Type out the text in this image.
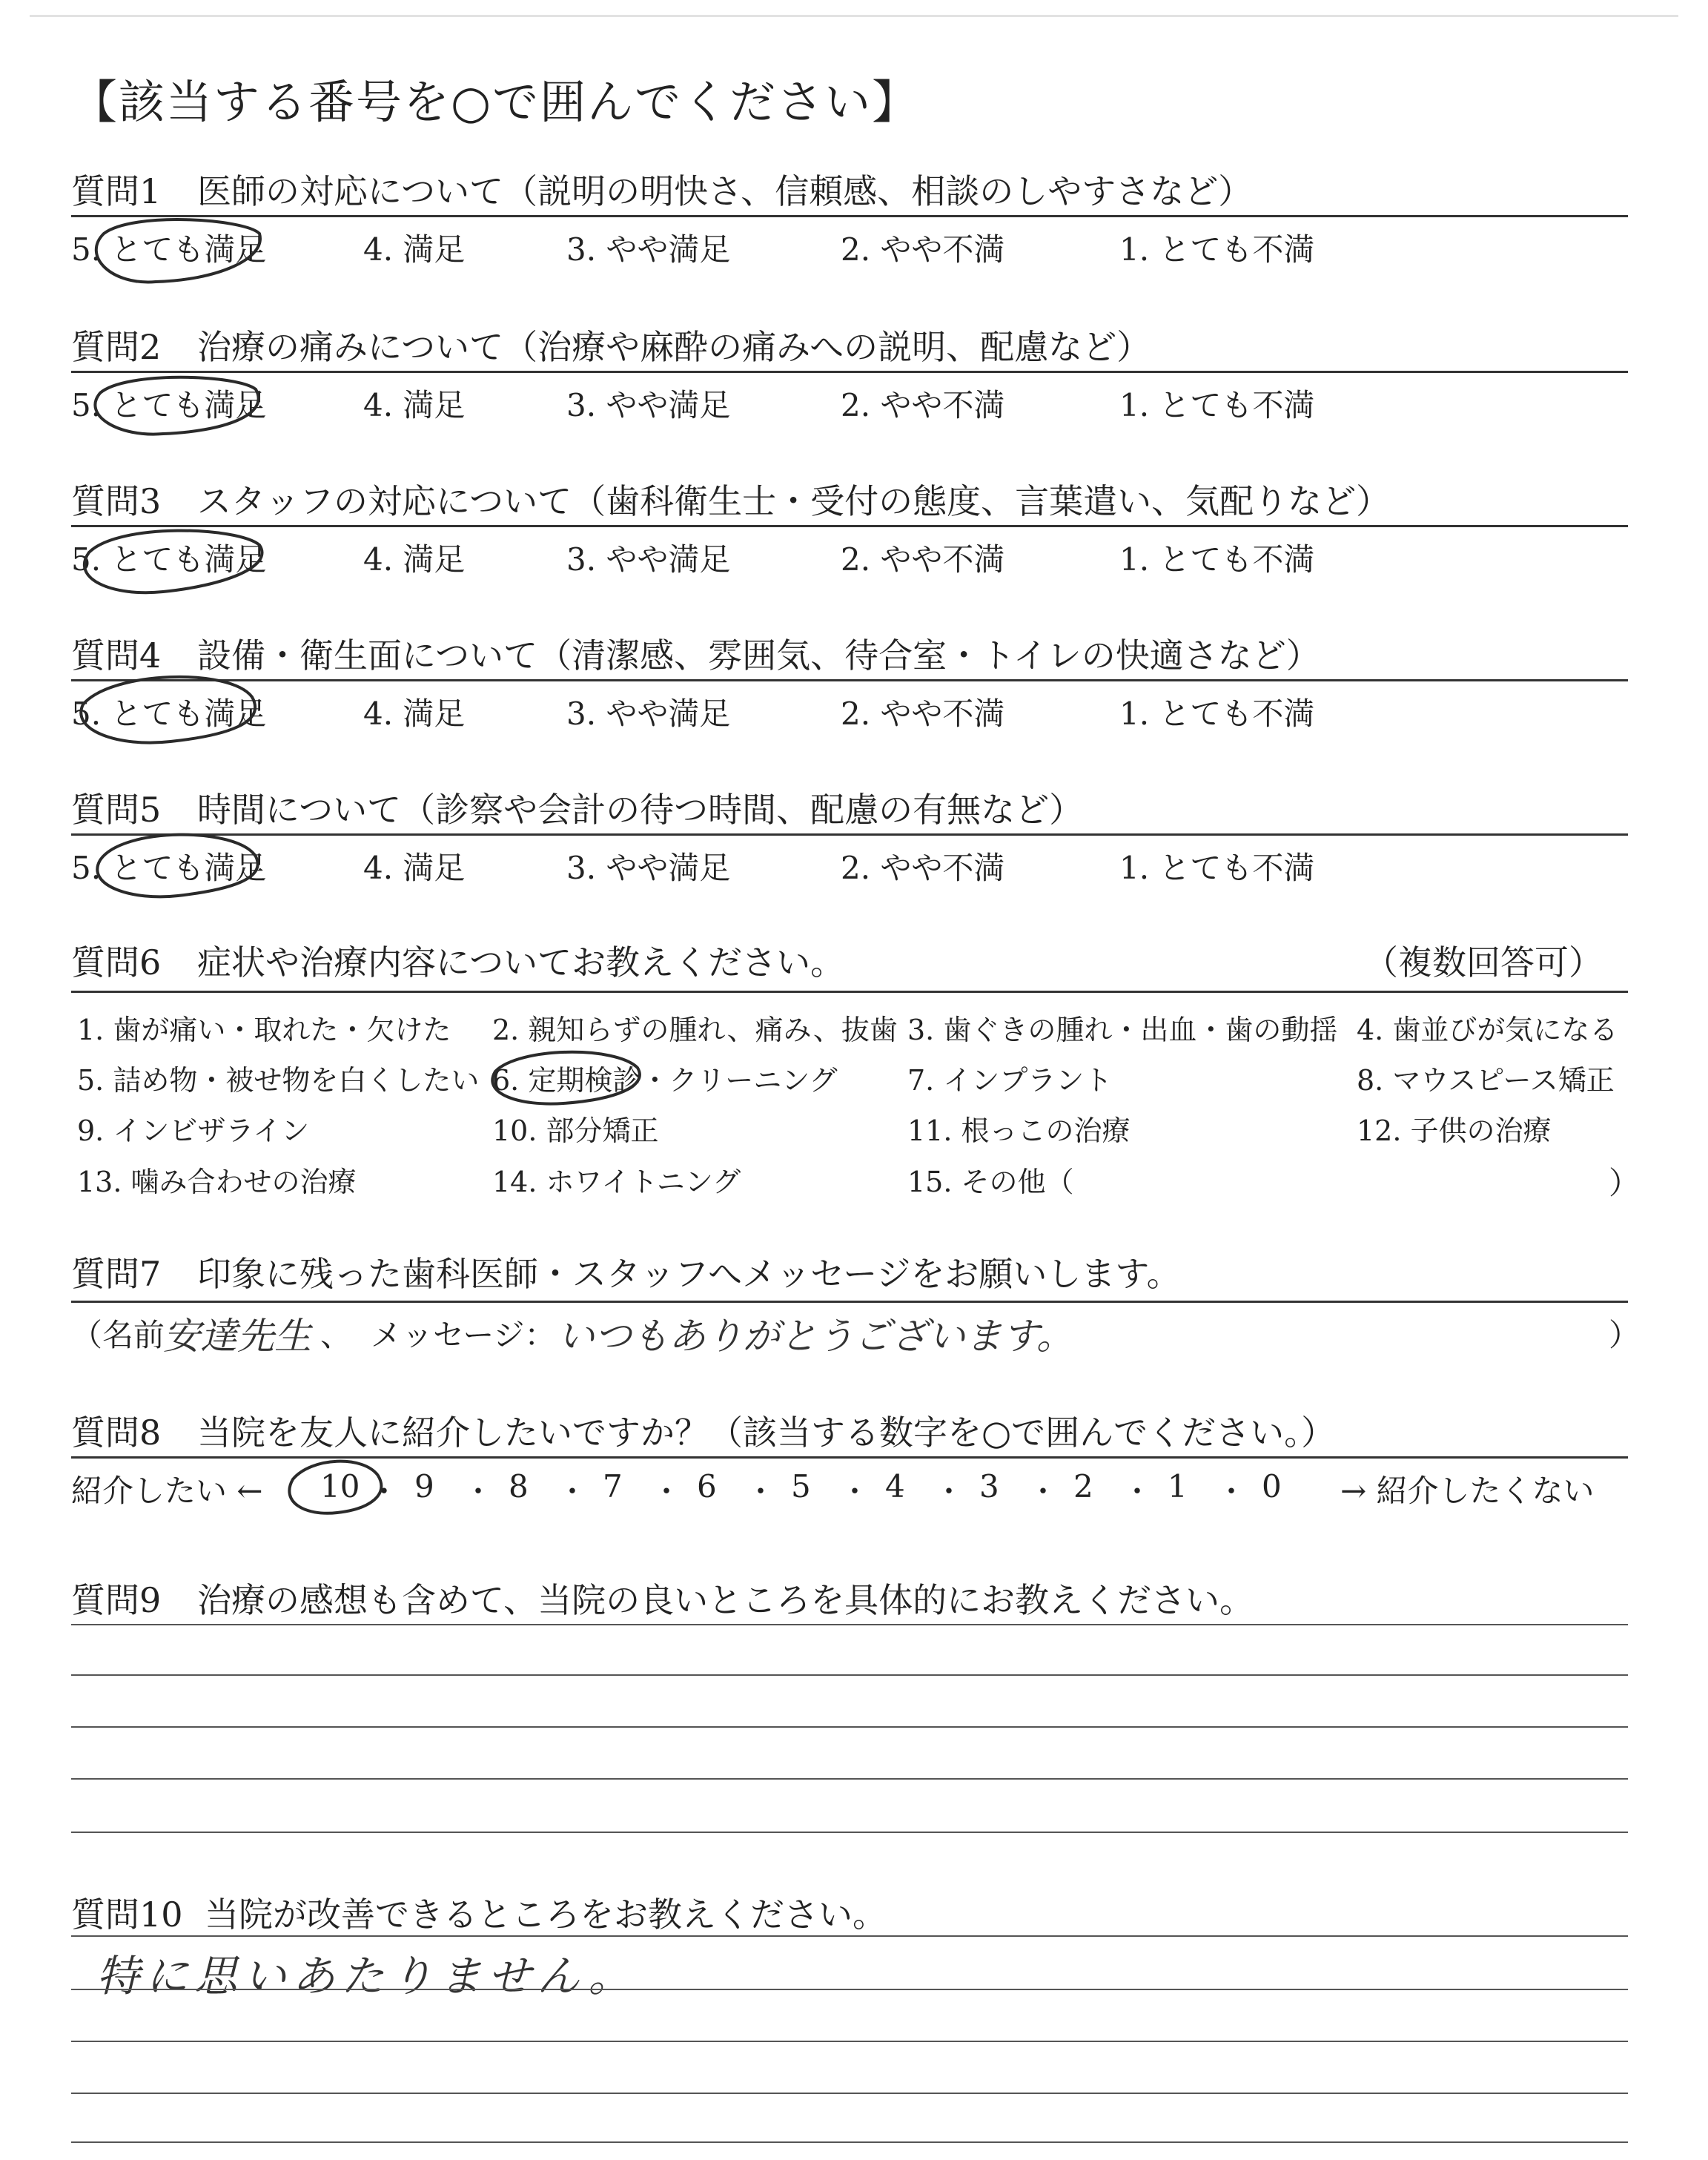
【該当する番号を○で囲んでください】
質問1 医師の対応について（説明の明快さ、信頼感、相談のしやすさなど）
5. とても満足	4. 満足	3. やや満足	2. やや不満	1. とても不満
質問2 治療の痛みについて（治療や麻酔の痛みへの説明、配慮など）
5. とても満足	4. 満足	3. やや満足	2. やや不満	1. とても不満
質問3 スタッフの対応について（歯科衛生士・受付の態度、言葉遣い、気配りなど）
5. とても満足	4. 満足	3. やや満足	2. やや不満	1. とても不満
質問4 設備・衛生面について（清潔感、雰囲気、待合室・トイレの快適さなど）
5. とても満足	4. 満足	3. やや満足	2. やや不満	1. とても不満
質問5 時間について（診察や会計の待つ時間、配慮の有無など）
5. とても満足	4. 満足	3. やや満足	2. やや不満	1. とても不満
質問6 症状や治療内容についてお教えください。	（複数回答可）
1. 歯が痛い・取れた・欠けた 2. 親知らずの腫れ、痛み、抜歯 3. 歯ぐきの腫れ・出血・歯の動揺 4. 歯並びが気になる
5. 詰め物・被せ物を白くしたい 6. 定期検診・クリーニング 7. インプラント	8. マウスピース矯正
9. インビザライン	10. 部分矯正	11. 根っこの治療	12. 子供の治療
13. 噛み合わせの治療	14. ホワイトニング	15. その他（	）
質問7 印象に残った歯科医師・スタッフへメッセージをお願いします。
（名前
安達先生 、 メッセージ： いつもありがとうございます。	）
質問8 当院を友人に紹介したいですか？（該当する数字を○で囲んでください。）
紹介したい ← 10 ・ 9 ・ 8 ・ 7 ・ 6 ・ 5 ・ 4 ・ 3 ・ 2 ・ 1 ・ 0 → 紹介したくない
質問9 治療の感想も含めて、当院の良いところを具体的にお教えください。
質問10 当院が改善できるところをお教えください。
特に思いあたりません。
